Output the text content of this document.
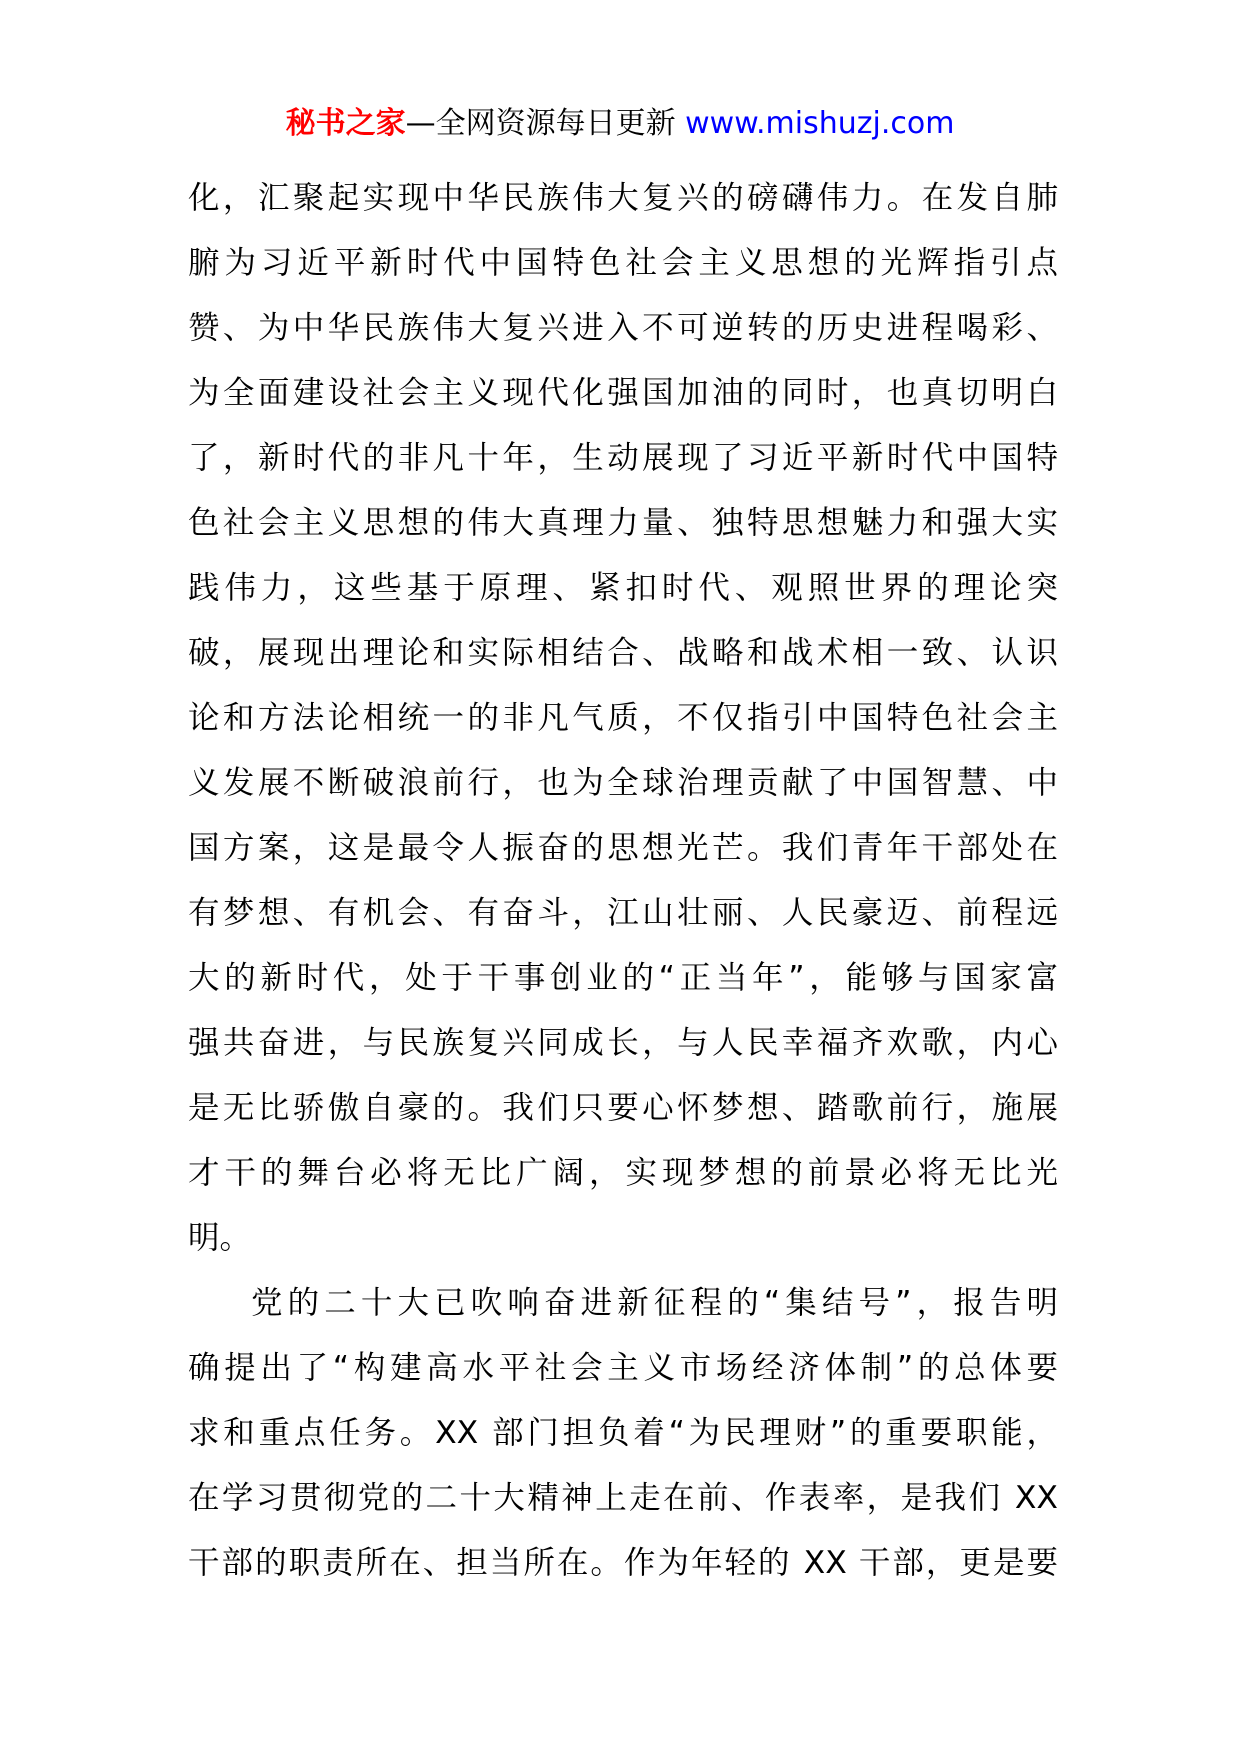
秘书之家—全网资源每日更新 www.mishuzj.com
化，汇聚起实现中华民族伟大复兴的磅礴伟力。在发自肺
腑为习近平新时代中国特色社会主义思想的光辉指引点
赞、为中华民族伟大复兴进入不可逆转的历史进程喝彩、
为全面建设社会主义现代化强国加油的同时，也真切明白
了，新时代的非凡十年，生动展现了习近平新时代中国特
色社会主义思想的伟大真理力量、独特思想魅力和强大实
践伟力，这些基于原理、紧扣时代、观照世界的理论突
破，展现出理论和实际相结合、战略和战术相一致、认识
论和方法论相统一的非凡气质，不仅指引中国特色社会主
义发展不断破浪前行，也为全球治理贡献了中国智慧、中
国方案，这是最令人振奋的思想光芒。我们青年干部处在
有梦想、有机会、有奋斗，江山壮丽、人民豪迈、前程远
大的新时代，处于干事创业的“正当年”，能够与国家富
强共奋进，与民族复兴同成长，与人民幸福齐欢歌，内心
是无比骄傲自豪的。我们只要心怀梦想、踏歌前行，施展
才干的舞台必将无比广阔，实现梦想的前景必将无比光
明。
党的二十大已吹响奋进新征程的“集结号”，报告明
确提出了“构建高水平社会主义市场经济体制”的总体要
求和重点任务。XX 部门担负着“为民理财”的重要职能，
在学习贯彻党的二十大精神上走在前、作表率，是我们 XX
干部的职责所在、担当所在。作为年轻的 XX 干部，更是要
